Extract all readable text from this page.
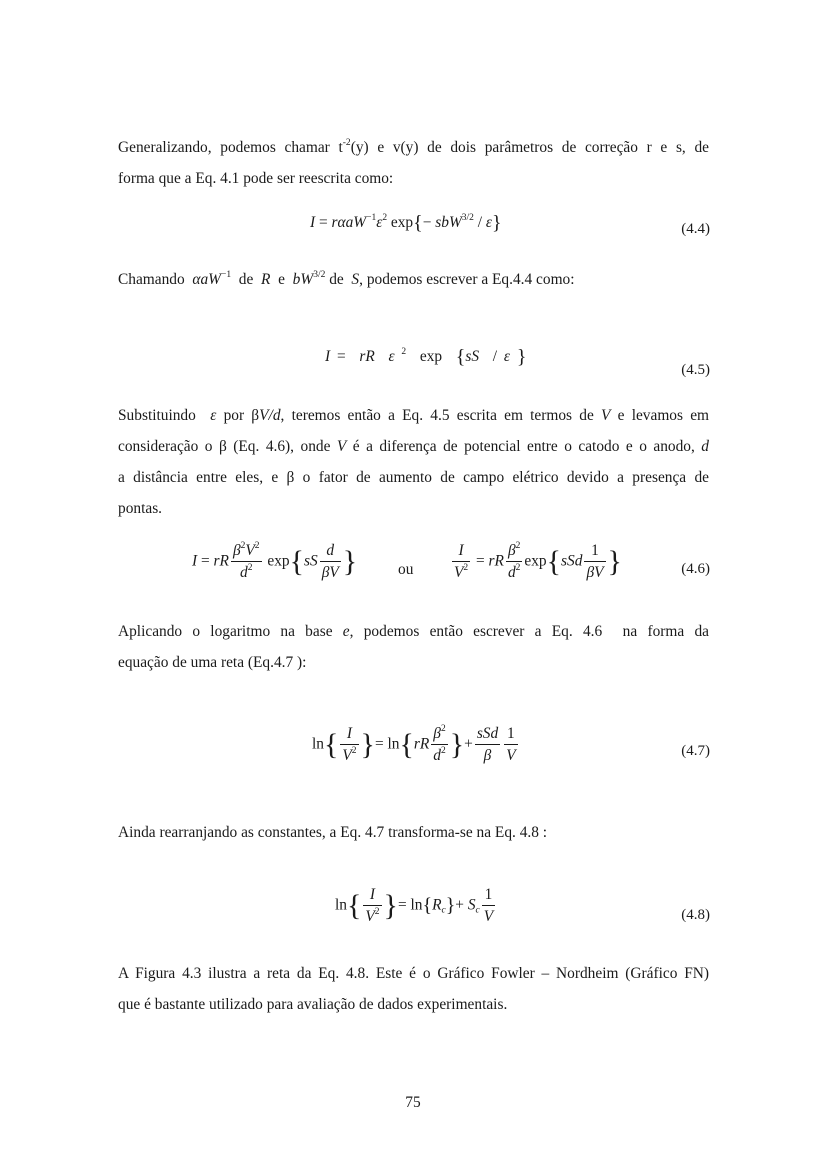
Generalizando, podemos chamar $t^{-2}(y)$ e v(y) de dois parâmetros de correção r e s, de
forma que a Eq. 4.1 pode ser reescrita como:
$I = r\alpha aW^{-1}\varepsilon^2$ exp{− sbW$^{3/2}$ / ε}	(4.4)
Chamando  αaW$^{-1}$  de  R  e  $bW^{3/2}$ de  S, podemos escrever a Eq.4.4 como:
I =  rR ε $^2$  exp  {sS  / ε }
(4.5)
Substituindo  ε por βV/d, teremos então a Eq. 4.5 escrita em termos de V e levamos em
consideração o β (Eq. 4.6), onde V é a diferença de potencial entre o catodo e o anodo, d
a distância entre eles, e β o fator de aumento de campo elétrico devido a presença de
pontas.
I = rR $\frac{\beta^2V^2}{d^2} \exp\{sS \frac{d}{\beta V}$ }	ou	$\frac{I}{V^2}$ = rR $\frac{\beta^2}{d^2} \exp\{sSd \frac{1}{\beta V}$ }	(4.6)
Aplicando o logaritmo na base e, podemos então escrever a Eq. 4.6  na forma da
equação de uma reta (Eq.4.7 ):
$\ln\{ \frac{I}{V^2}$ }= $\ln\{rR \frac{\beta^2}{d^2}$ }+ $\frac{\text{sSd}}{\beta} \frac{1}{V}$	(4.7)
Ainda rearranjando as constantes, a Eq. 4.7 transforma-se na Eq. 4.8 :
$\ln\{ \frac{I}{V^2}$ }= $\ln\{R_c\}+ S_c \frac{1}{V}$	(4.8)
A Figura 4.3 ilustra a reta da Eq. 4.8. Este é o Gráfico Fowler – Nordheim (Gráfico FN)
que é bastante utilizado para avaliação de dados experimentais.
75
